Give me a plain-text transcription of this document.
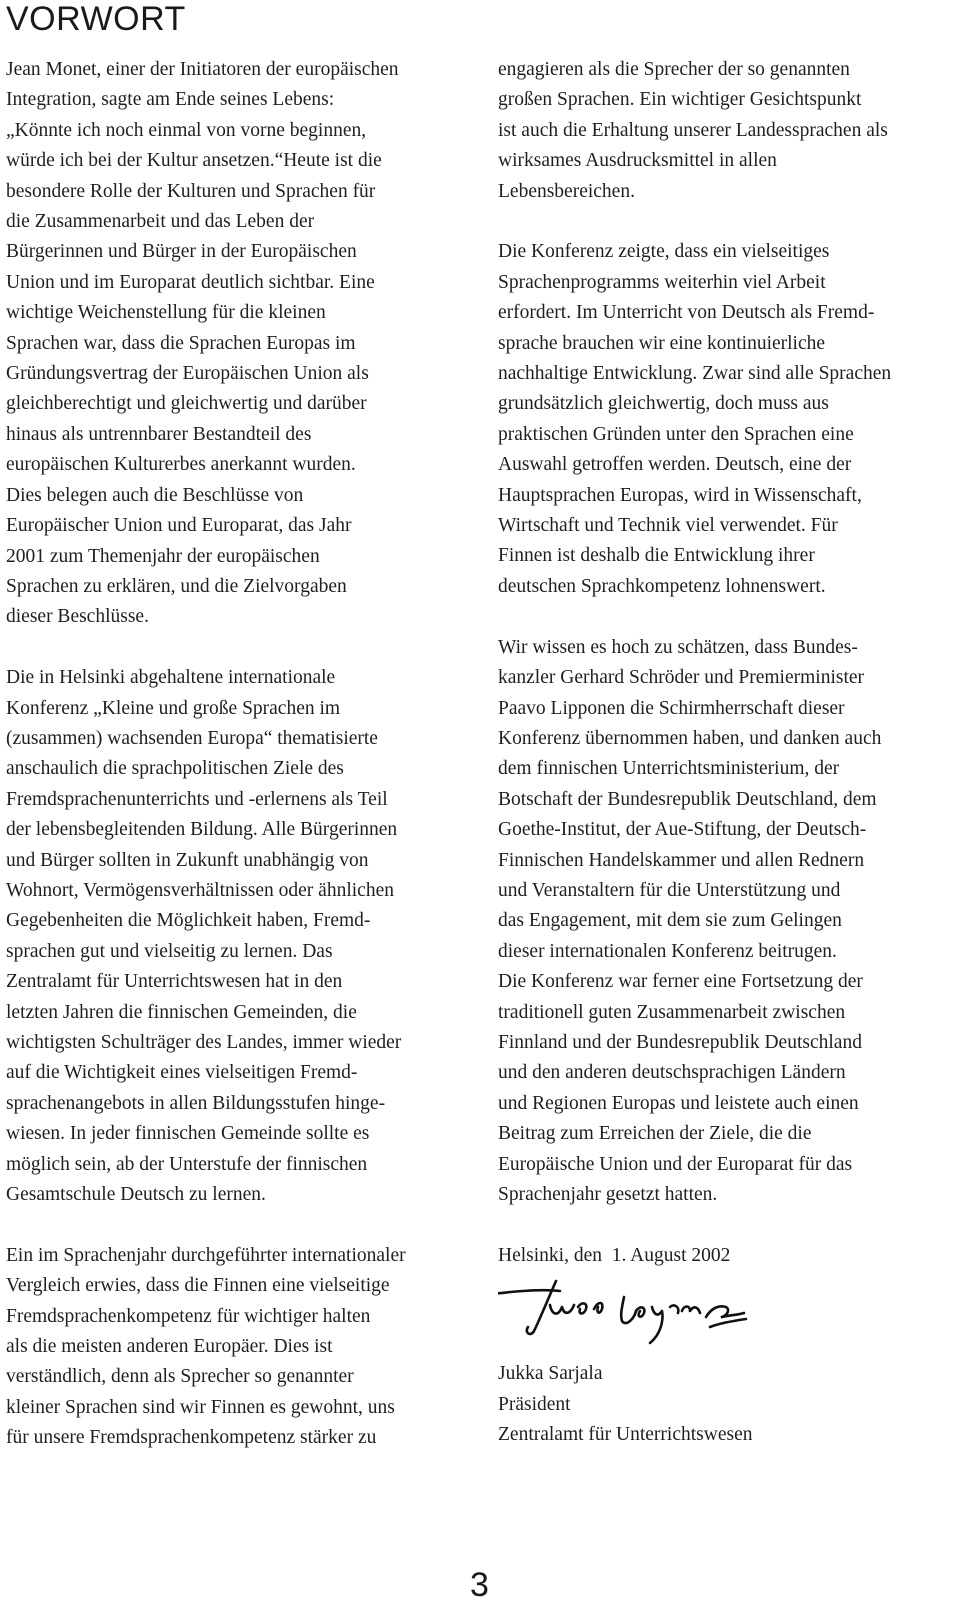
VORWORT

Jean Monet, einer der Initiatoren der europäischen
Integration, sagte am Ende seines Lebens:
„Könnte ich noch einmal von vorne beginnen,
würde ich bei der Kultur ansetzen.“Heute ist die
besondere Rolle der Kulturen und Sprachen für
die Zusammenarbeit und das Leben der
Bürgerinnen und Bürger in der Europäischen
Union und im Europarat deutlich sichtbar. Eine
wichtige Weichenstellung für die kleinen
Sprachen war, dass die Sprachen Europas im
Gründungsvertrag der Europäischen Union als
gleichberechtigt und gleichwertig und darüber
hinaus als untrennbarer Bestandteil des
europäischen Kulturerbes anerkannt wurden.
Dies belegen auch die Beschlüsse von
Europäischer Union und Europarat, das Jahr
2001 zum Themenjahr der europäischen
Sprachen zu erklären, und die Zielvorgaben
dieser Beschlüsse.

Die in Helsinki abgehaltene internationale
Konferenz „Kleine und große Sprachen im
(zusammen) wachsenden Europa“ thematisierte
anschaulich die sprachpolitischen Ziele des
Fremdsprachenunterrichts und -erlernens als Teil
der lebensbegleitenden Bildung. Alle Bürgerinnen
und Bürger sollten in Zukunft unabhängig von
Wohnort, Vermögensverhältnissen oder ähnlichen
Gegebenheiten die Möglichkeit haben, Fremd-
sprachen gut und vielseitig zu lernen. Das
Zentralamt für Unterrichtswesen hat in den
letzten Jahren die finnischen Gemeinden, die
wichtigsten Schulträger des Landes, immer wieder
auf die Wichtigkeit eines vielseitigen Fremd-
sprachenangebots in allen Bildungsstufen hinge-
wiesen. In jeder finnischen Gemeinde sollte es
möglich sein, ab der Unterstufe der finnischen
Gesamtschule Deutsch zu lernen.

Ein im Sprachenjahr durchgeführter internationaler
Vergleich erwies, dass die Finnen eine vielseitige
Fremdsprachenkompetenz für wichtiger halten
als die meisten anderen Europäer. Dies ist
verständlich, denn als Sprecher so genannter
kleiner Sprachen sind wir Finnen es gewohnt, uns
für unsere Fremdsprachenkompetenz stärker zu

engagieren als die Sprecher der so genannten
großen Sprachen. Ein wichtiger Gesichtspunkt
ist auch die Erhaltung unserer Landessprachen als
wirksames Ausdrucksmittel in allen
Lebensbereichen.

Die Konferenz zeigte, dass ein vielseitiges
Sprachenprogramms weiterhin viel Arbeit
erfordert. Im Unterricht von Deutsch als Fremd-
sprache brauchen wir eine kontinuierliche
nachhaltige Entwicklung. Zwar sind alle Sprachen
grundsätzlich gleichwertig, doch muss aus
praktischen Gründen unter den Sprachen eine
Auswahl getroffen werden. Deutsch, eine der
Hauptsprachen Europas, wird in Wissenschaft,
Wirtschaft und Technik viel verwendet. Für
Finnen ist deshalb die Entwicklung ihrer
deutschen Sprachkompetenz lohnenswert.

Wir wissen es hoch zu schätzen, dass Bundes-
kanzler Gerhard Schröder und Premierminister
Paavo Lipponen die Schirmherrschaft dieser
Konferenz übernommen haben, und danken auch
dem finnischen Unterrichtsministerium, der
Botschaft der Bundesrepublik Deutschland, dem
Goethe-Institut, der Aue-Stiftung, der Deutsch-
Finnischen Handelskammer und allen Rednern
und Veranstaltern für die Unterstützung und
das Engagement, mit dem sie zum Gelingen
dieser internationalen Konferenz beitrugen.
Die Konferenz war ferner eine Fortsetzung der
traditionell guten Zusammenarbeit zwischen
Finnland und der Bundesrepublik Deutschland
und den anderen deutschsprachigen Ländern
und Regionen Europas und leistete auch einen
Beitrag zum Erreichen der Ziele, die die
Europäische Union und der Europarat für das
Sprachenjahr gesetzt hatten.

Helsinki, den  1. August 2002
Jukka Sarjala
Präsident
Zentralamt für Unterrichtswesen
3
